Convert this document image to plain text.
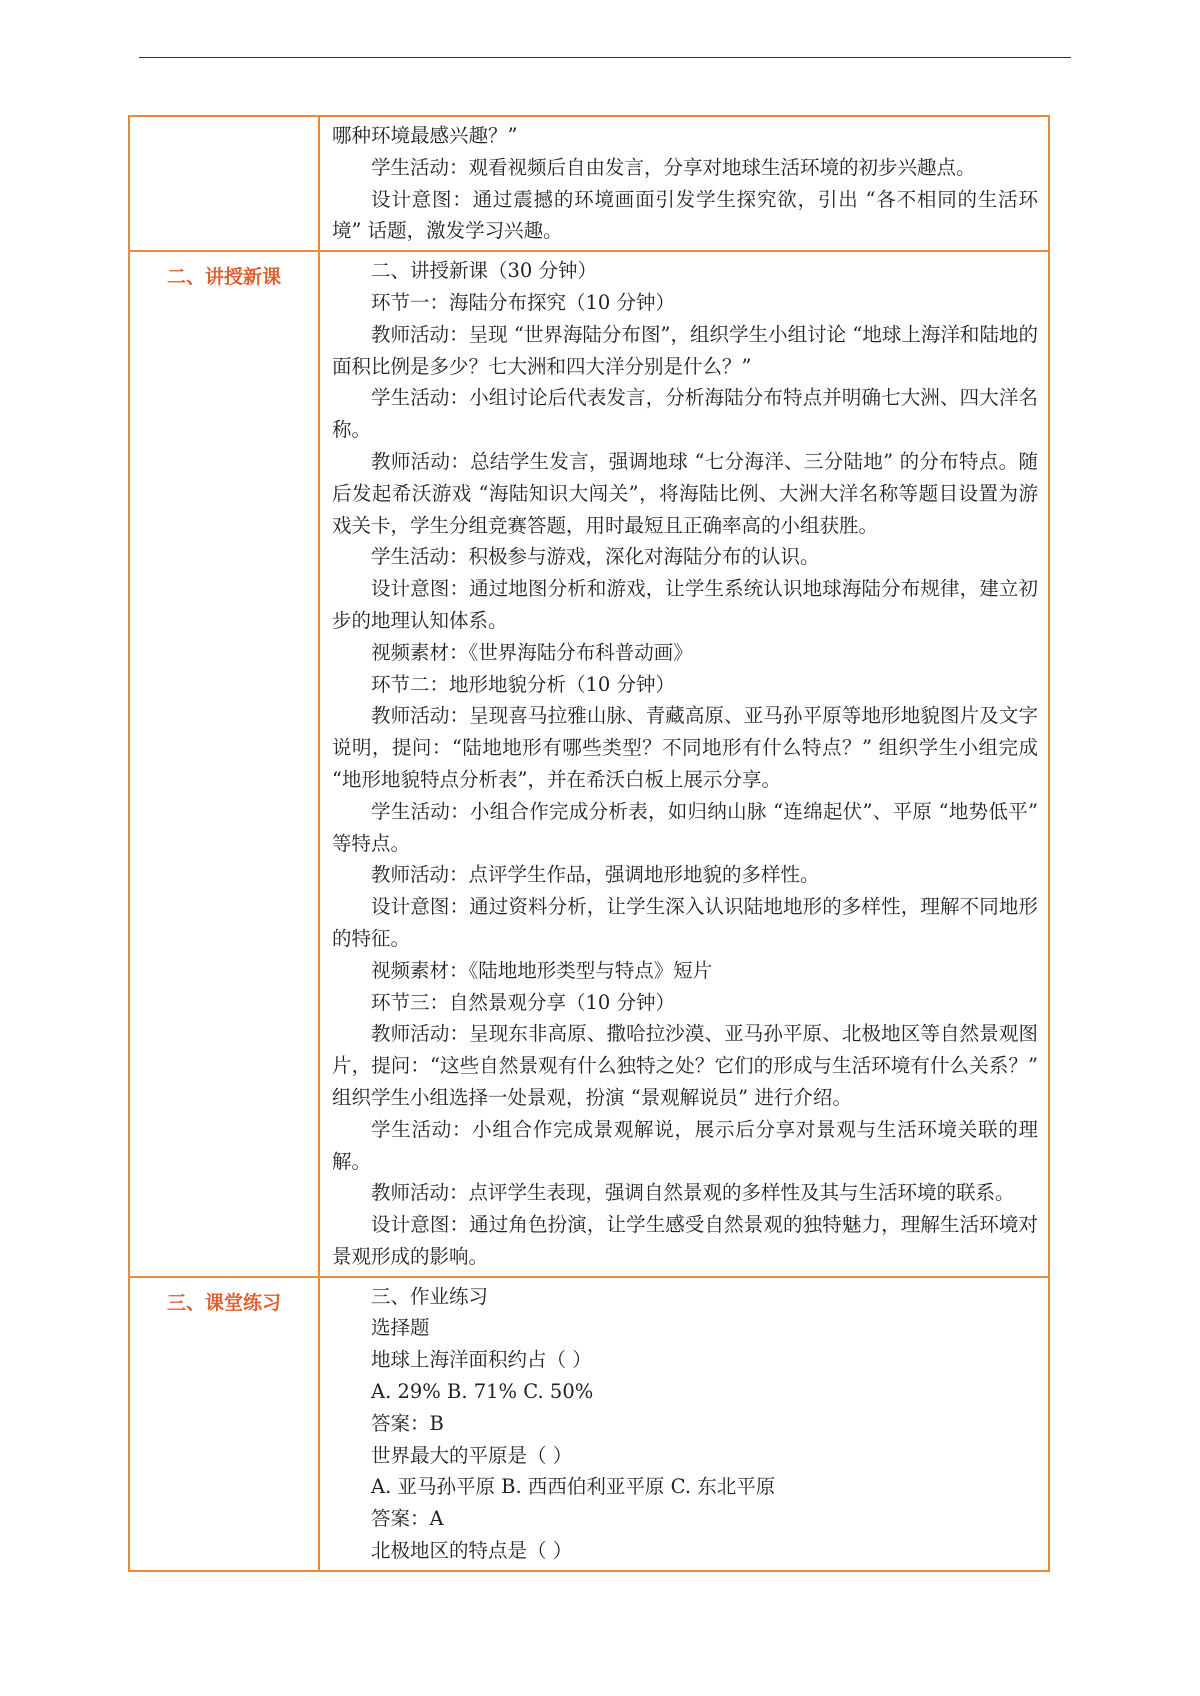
哪种环境最感兴趣？”

学生活动：观看视频后自由发言，分享对地球生活环境的初步兴趣点。

设计意图：通过震撼的环境画面引发学生探究欲，引出 “各不相同的生活环境” 话题，激发学习兴趣。

二、讲授新课	二、讲授新课（30 分钟）

环节一：海陆分布探究（10 分钟）

教师活动：呈现 “世界海陆分布图”，组织学生小组讨论 “地球上海洋和陆地的面积比例是多少？七大洲和四大洋分别是什么？”

学生活动：小组讨论后代表发言，分析海陆分布特点并明确七大洲、四大洋名称。

教师活动：总结学生发言，强调地球 “七分海洋、三分陆地” 的分布特点。随后发起希沃游戏 “海陆知识大闯关”，将海陆比例、大洲大洋名称等题目设置为游戏关卡，学生分组竞赛答题，用时最短且正确率高的小组获胜。

学生活动：积极参与游戏，深化对海陆分布的认识。

设计意图：通过地图分析和游戏，让学生系统认识地球海陆分布规律，建立初步的地理认知体系。

视频素材：《世界海陆分布科普动画》

环节二：地形地貌分析（10 分钟）

教师活动：呈现喜马拉雅山脉、青藏高原、亚马孙平原等地形地貌图片及文字说明，提问：“陆地地形有哪些类型？不同地形有什么特点？” 组织学生小组完成 “地形地貌特点分析表”，并在希沃白板上展示分享。

学生活动：小组合作完成分析表，如归纳山脉 “连绵起伏”、平原 “地势低平” 等特点。

教师活动：点评学生作品，强调地形地貌的多样性。

设计意图：通过资料分析，让学生深入认识陆地地形的多样性，理解不同地形的特征。

视频素材：《陆地地形类型与特点》短片

环节三：自然景观分享（10 分钟）

教师活动：呈现东非高原、撒哈拉沙漠、亚马孙平原、北极地区等自然景观图片，提问：“这些自然景观有什么独特之处？它们的形成与生活环境有什么关系？” 组织学生小组选择一处景观，扮演 “景观解说员” 进行介绍。

学生活动：小组合作完成景观解说，展示后分享对景观与生活环境关联的理解。

教师活动：点评学生表现，强调自然景观的多样性及其与生活环境的联系。

设计意图：通过角色扮演，让学生感受自然景观的独特魅力，理解生活环境对景观形成的影响。

三、课堂练习	三、作业练习

选择题

地球上海洋面积约占（ ）

A. 29% B. 71% C. 50%

答案：B

世界最大的平原是（ ）

A. 亚马孙平原 B. 西西伯利亚平原 C. 东北平原

答案：A

北极地区的特点是（ ）
